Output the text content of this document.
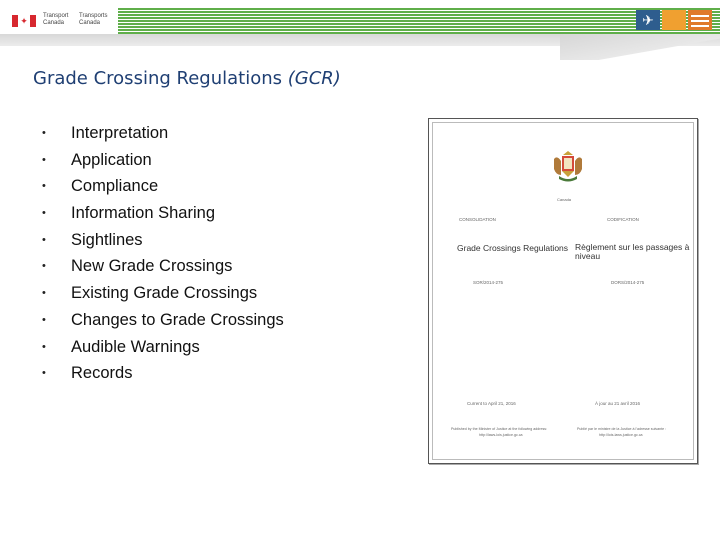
✦	Transport
Canada
Transports
Canada	✈
Grade Crossing Regulations (GCR)
•	Interpretation
•	Application
•	Compliance
•	Information Sharing
•	Sightlines
•	New Grade Crossings
•	Existing Grade Crossings
•	Changes to Grade Crossings
•	Audible Warnings
•	Records
Canada
CONSOLIDATION	CODIFICATION
Grade Crossings Regulations Règlement sur les passages à niveau
SOR/2014-275	DORS/2014-275
Current to April 21, 2016	À jour au 21 avril 2016
Published by the Minister of Justice at the following address:	Publié par le ministre de la Justice à l'adresse suivante :
http://laws-lois.justice.gc.ca	http://lois-laws.justice.gc.ca
